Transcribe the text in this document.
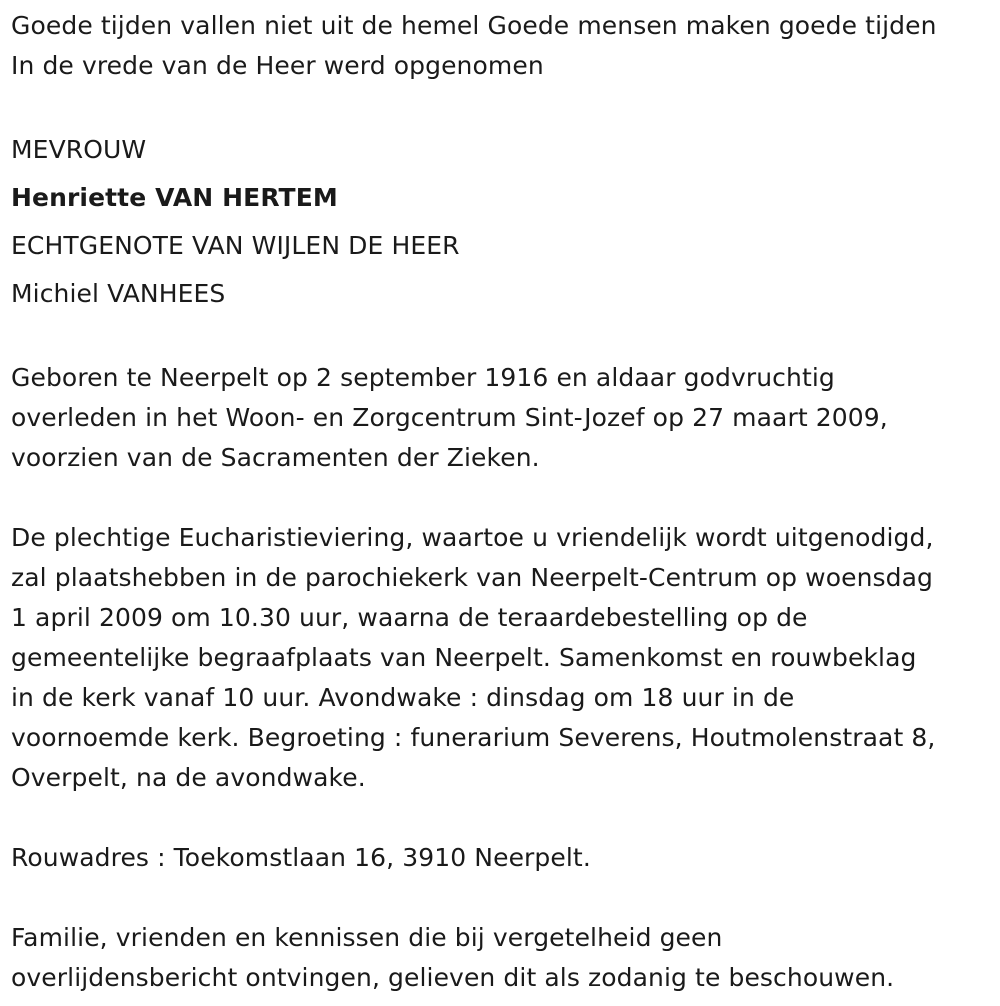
Goede tijden vallen niet uit de hemel Goede mensen maken goede tijden
In de vrede van de Heer werd opgenomen
MEVROUW
Henriette VAN HERTEM
ECHTGENOTE VAN WIJLEN DE HEER
Michiel VANHEES
Geboren te Neerpelt op 2 september 1916 en aldaar godvruchtig
overleden in het Woon- en Zorgcentrum Sint-Jozef op 27 maart 2009,
voorzien van de Sacramenten der Zieken.
De plechtige Eucharistieviering, waartoe u vriendelijk wordt uitgenodigd,
zal plaatshebben in de parochiekerk van Neerpelt-Centrum op woensdag
1 april 2009 om 10.30 uur, waarna de teraardebestelling op de
gemeentelijke begraafplaats van Neerpelt. Samenkomst en rouwbeklag
in de kerk vanaf 10 uur. Avondwake : dinsdag om 18 uur in de
voornoemde kerk. Begroeting : funerarium Severens, Houtmolenstraat 8,
Overpelt, na de avondwake.
Rouwadres : Toekomstlaan 16, 3910 Neerpelt.
Familie, vrienden en kennissen die bij vergetelheid geen
overlijdensbericht ontvingen, gelieven dit als zodanig te beschouwen.
